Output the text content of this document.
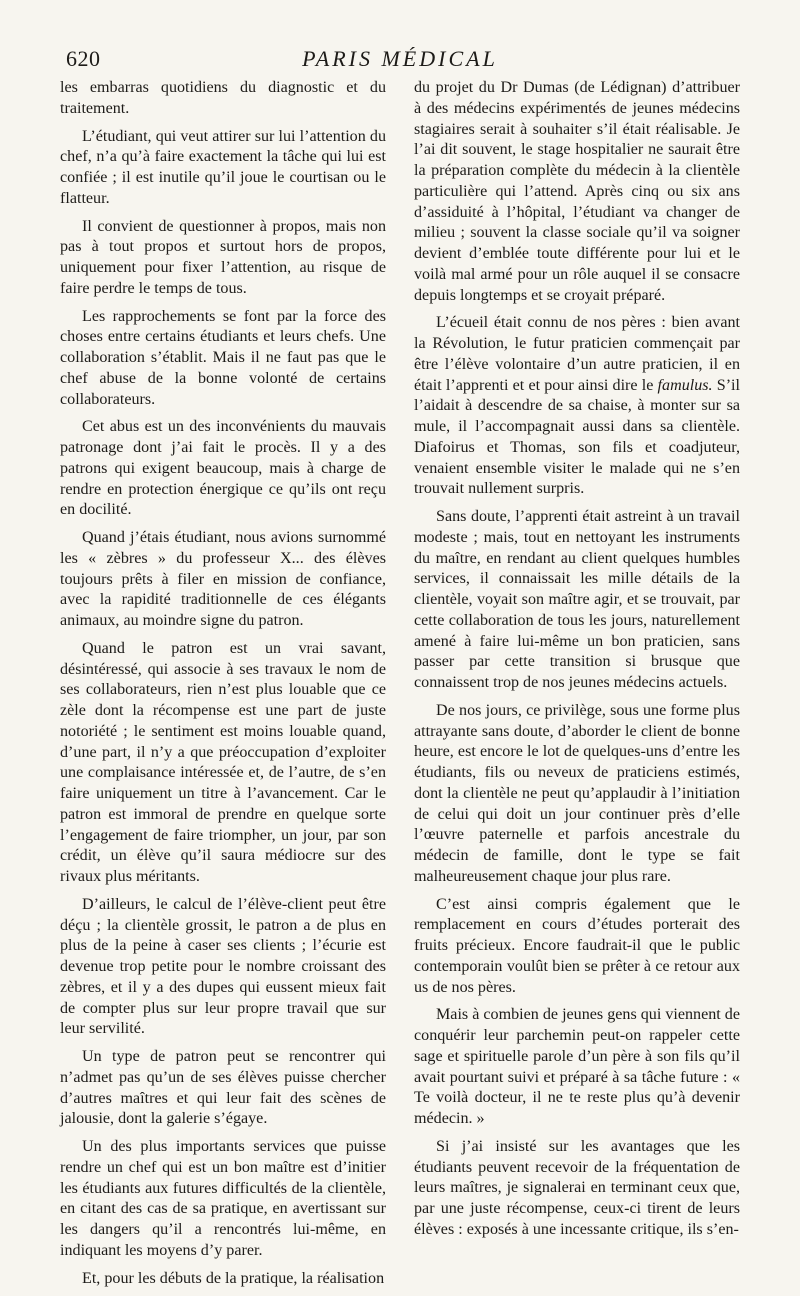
620	PARIS MÉDICAL

les embarras quotidiens du diagnostic et du traitement.

L’étudiant, qui veut attirer sur lui l’attention du chef, n’a qu’à faire exactement la tâche qui lui est confiée ; il est inutile qu’il joue le courtisan ou le flatteur.

Il convient de questionner à propos, mais non pas à tout propos et surtout hors de propos, uniquement pour fixer l’attention, au risque de faire perdre le temps de tous.

Les rapprochements se font par la force des choses entre certains étudiants et leurs chefs. Une collaboration s’établit. Mais il ne faut pas que le chef abuse de la bonne volonté de certains collaborateurs.

Cet abus est un des inconvénients du mauvais patronage dont j’ai fait le procès. Il y a des patrons qui exigent beaucoup, mais à charge de rendre en protection énergique ce qu’ils ont reçu en docilité.

Quand j’étais étudiant, nous avions surnommé les « zèbres » du professeur X... des élèves toujours prêts à filer en mission de confiance, avec la rapidité traditionnelle de ces élégants animaux, au moindre signe du patron.

Quand le patron est un vrai savant, désintéressé, qui associe à ses travaux le nom de ses collaborateurs, rien n’est plus louable que ce zèle dont la récompense est une part de juste notoriété ; le sentiment est moins louable quand, d’une part, il n’y a que préoccupation d’exploiter une complaisance intéressée et, de l’autre, de s’en faire uniquement un titre à l’avancement. Car le patron est immoral de prendre en quelque sorte l’engagement de faire triompher, un jour, par son crédit, un élève qu’il saura médiocre sur des rivaux plus méritants.

D’ailleurs, le calcul de l’élève-client peut être déçu ; la clientèle grossit, le patron a de plus en plus de la peine à caser ses clients ; l’écurie est devenue trop petite pour le nombre croissant des zèbres, et il y a des dupes qui eussent mieux fait de compter plus sur leur propre travail que sur leur servilité.

Un type de patron peut se rencontrer qui n’admet pas qu’un de ses élèves puisse chercher d’autres maîtres et qui leur fait des scènes de jalousie, dont la galerie s’égaye.

Un des plus importants services que puisse rendre un chef qui est un bon maître est d’initier les étudiants aux futures difficultés de la clientèle, en citant des cas de sa pratique, en avertissant sur les dangers qu’il a rencontrés lui-même, en indiquant les moyens d’y parer.

Et, pour les débuts de la pratique, la réalisation

du projet du Dr Dumas (de Lédignan) d’attribuer à des médecins expérimentés de jeunes médecins stagiaires serait à souhaiter s’il était réalisable. Je l’ai dit souvent, le stage hospitalier ne saurait être la préparation complète du médecin à la clientèle particulière qui l’attend. Après cinq ou six ans d’assiduité à l’hôpital, l’étudiant va changer de milieu ; souvent la classe sociale qu’il va soigner devient d’emblée toute différente pour lui et le voilà mal armé pour un rôle auquel il se consacre depuis longtemps et se croyait préparé.

L’écueil était connu de nos pères : bien avant la Révolution, le futur praticien commençait par être l’élève volontaire d’un autre praticien, il en était l’apprenti et et pour ainsi dire le famulus. S’il l’aidait à descendre de sa chaise, à monter sur sa mule, il l’accompagnait aussi dans sa clientèle. Diafoirus et Thomas, son fils et coadjuteur, venaient ensemble visiter le malade qui ne s’en trouvait nullement surpris.

Sans doute, l’apprenti était astreint à un travail modeste ; mais, tout en nettoyant les instruments du maître, en rendant au client quelques humbles services, il connaissait les mille détails de la clientèle, voyait son maître agir, et se trouvait, par cette collaboration de tous les jours, naturellement amené à faire lui-même un bon praticien, sans passer par cette transition si brusque que connaissent trop de nos jeunes médecins actuels.

De nos jours, ce privilège, sous une forme plus attrayante sans doute, d’aborder le client de bonne heure, est encore le lot de quelques-uns d’entre les étudiants, fils ou neveux de praticiens estimés, dont la clientèle ne peut qu’applaudir à l’initiation de celui qui doit un jour continuer près d’elle l’œuvre paternelle et parfois ancestrale du médecin de famille, dont le type se fait malheureusement chaque jour plus rare.

C’est ainsi compris également que le remplacement en cours d’études porterait des fruits précieux. Encore faudrait-il que le public contemporain voulût bien se prêter à ce retour aux us de nos pères.

Mais à combien de jeunes gens qui viennent de conquérir leur parchemin peut-on rappeler cette sage et spirituelle parole d’un père à son fils qu’il avait pourtant suivi et préparé à sa tâche future : « Te voilà docteur, il ne te reste plus qu’à devenir médecin. »

Si j’ai insisté sur les avantages que les étudiants peuvent recevoir de la fréquentation de leurs maîtres, je signalerai en terminant ceux que, par une juste récompense, ceux-ci tirent de leurs élèves : exposés à une incessante critique, ils s’en-
